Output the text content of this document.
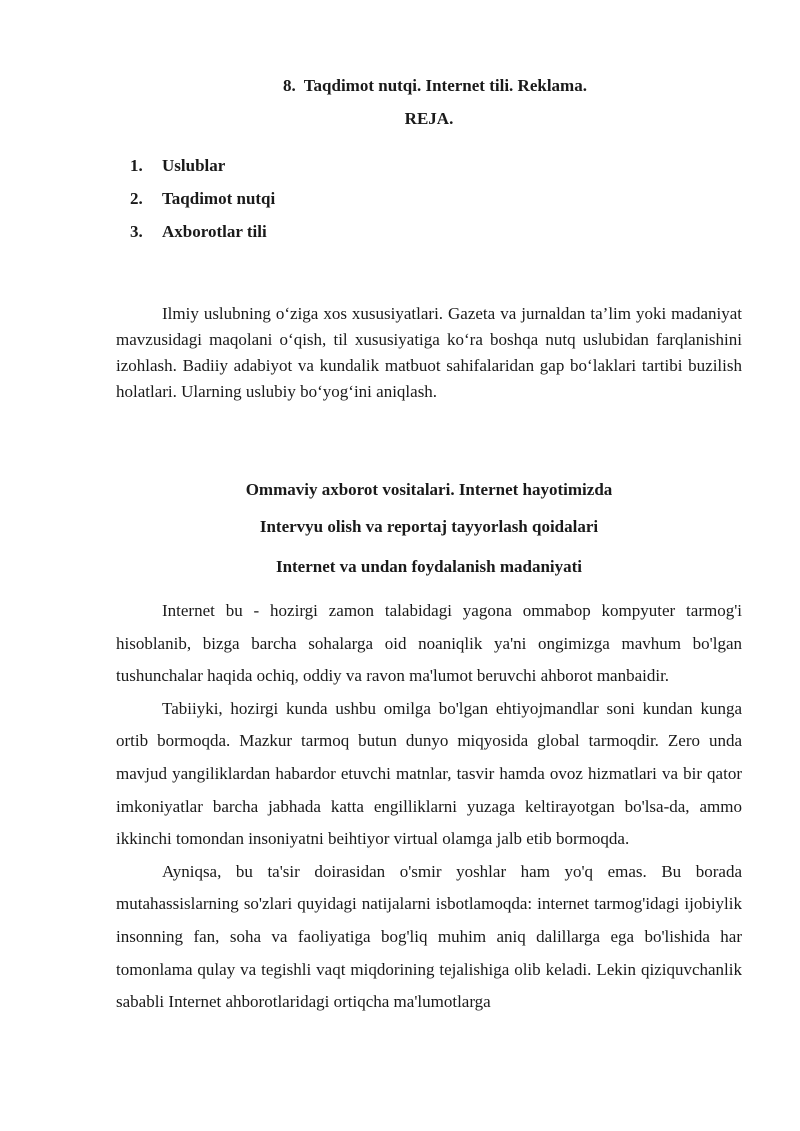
8. Taqdimot nutqi. Internet tili. Reklama.
REJA.
1. Uslublar
2. Taqdimot nutqi
3. Axborotlar tili

Ilmiy uslubning o‘ziga xos xususiyatlari. Gazeta va jurnaldan ta’lim yoki madaniyat mavzusidagi maqolani o‘qish, til xususiyatiga ko‘ra boshqa nutq uslubidan farqlanishini izohlash. Badiiy adabiyot va kundalik matbuot sahifalaridan gap bo‘laklari tartibi buzilish holatlari. Ularning uslubiy bo‘yog‘ini aniqlash.

Ommaviy axborot vositalari. Internet hayotimizda
Intervyu olish va reportaj tayyorlash qoidalari
Internet va undan foydalanish madaniyati

Internet bu - hozirgi zamon talabidagi yagona ommabop kompyuter tarmog'i hisoblanib, bizga barcha sohalarga oid noaniqlik ya'ni ongimizga mavhum bo'lgan tushunchalar haqida ochiq, oddiy va ravon ma'lumot beruvchi ahborot manbaidir.

Tabiiyki, hozirgi kunda ushbu omilga bo'lgan ehtiyojmandlar soni kundan kunga ortib bormoqda. Mazkur tarmoq butun dunyo miqyosida global tarmoqdir. Zero unda mavjud yangiliklardan habardor etuvchi matnlar, tasvir hamda ovoz hizmatlari va bir qator imkoniyatlar barcha jabhada katta engilliklarni yuzaga keltirayotgan bo'lsa-da, ammo ikkinchi tomondan insoniyatni beihtiyor virtual olamga jalb etib bormoqda.

Ayniqsa, bu ta'sir doirasidan o'smir yoshlar ham yo'q emas. Bu borada mutahassislarning so'zlari quyidagi natijalarni isbotlamoqda: internet tarmog'idagi ijobiylik insonning fan, soha va faoliyatiga bog'liq muhim aniq dalillarga ega bo'lishida har tomonlama qulay va tegishli vaqt miqdorining tejalishiga olib keladi. Lekin qiziquvchanlik sababli Internet ahborotlaridagi ortiqcha ma'lumotlarga
